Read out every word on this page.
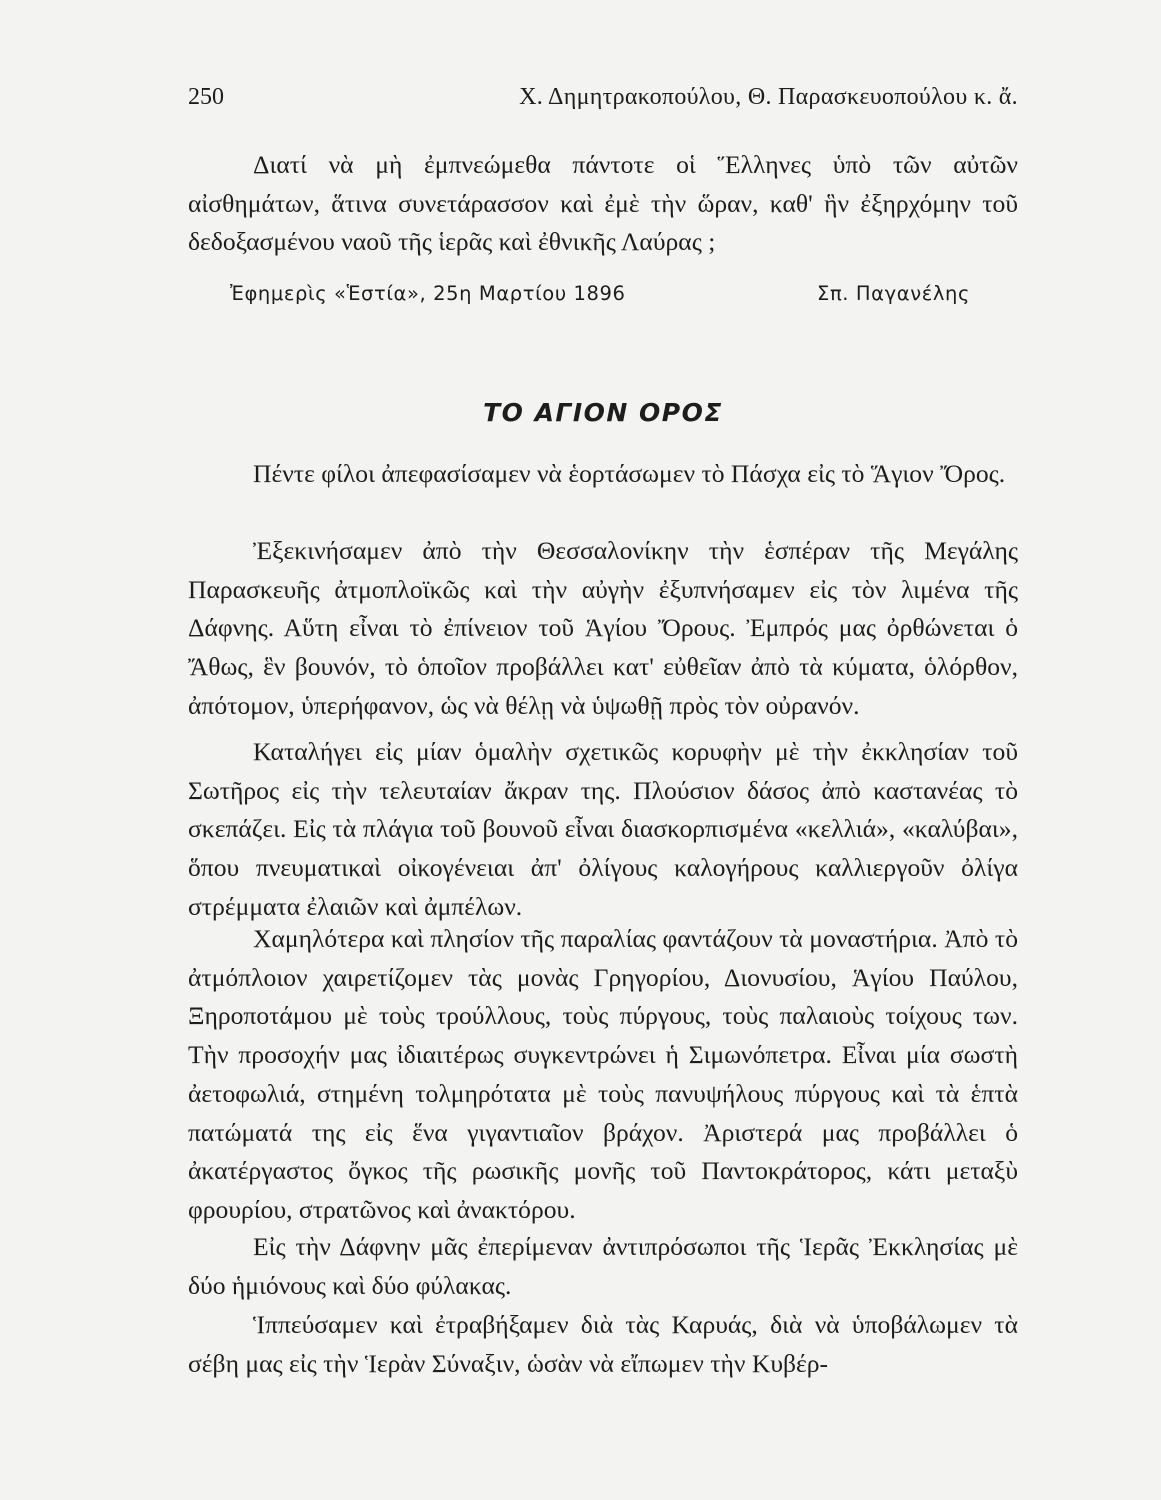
250	Χ. Δημητρακοπούλου, Θ. Παρασκευοπούλου κ. ἄ.

Διατί νὰ μὴ ἐμπνεώμεθα πάντοτε οἱ Ἕλληνες ὑπὸ τῶν αὐτῶν αἰσθημάτων, ἅτινα συνετάρασσον καὶ ἐμὲ τὴν ὥραν, καθ' ἣν ἐξηρχόμην τοῦ δεδοξασμένου ναοῦ τῆς ἱερᾶς καὶ ἐθνικῆς Λαύρας ;

Ἐφημερὶς «Ἑστία», 25η Μαρτίου 1896	Σπ. Παγανέλης
ΤΟ ΑΓΙΟΝ ΟΡΟΣ

Πέντε φίλοι ἀπεφασίσαμεν νὰ ἑορτάσωμεν τὸ Πάσχα εἰς τὸ Ἅγιον Ὄρος.

Ἐξεκινήσαμεν ἀπὸ τὴν Θεσσαλονίκην τὴν ἑσπέραν τῆς Μεγάλης Παρασκευῆς ἀτμοπλοϊκῶς καὶ τὴν αὐγὴν ἐξυπνήσαμεν εἰς τὸν λιμένα τῆς Δάφνης. Αὕτη εἶναι τὸ ἐπίνειον τοῦ Ἁγίου Ὄρους. Ἐμπρός μας ὀρθώνεται ὁ Ἄθως, ἓν βουνόν, τὸ ὁποῖον προβάλλει κατ' εὐθεῖαν ἀπὸ τὰ κύματα, ὁλόρθον, ἀπότομον, ὑπερήφανον, ὡς νὰ θέλῃ νὰ ὑψωθῇ πρὸς τὸν οὐρανόν.

Καταλήγει εἰς μίαν ὁμαλὴν σχετικῶς κορυφὴν μὲ τὴν ἐκκλησίαν τοῦ Σωτῆρος εἰς τὴν τελευταίαν ἄκραν της. Πλούσιον δάσος ἀπὸ καστανέας τὸ σκεπάζει. Εἰς τὰ πλάγια τοῦ βουνοῦ εἶναι διασκορπισμένα «κελλιά», «καλύβαι», ὅπου πνευματικαὶ οἰκογένειαι ἀπ' ὀλίγους καλογήρους καλλιεργοῦν ὀλίγα στρέμματα ἐλαιῶν καὶ ἀμπέλων.

Χαμηλότερα καὶ πλησίον τῆς παραλίας φαντάζουν τὰ μοναστήρια. Ἀπὸ τὸ ἀτμόπλοιον χαιρετίζομεν τὰς μονὰς Γρηγορίου, Διονυσίου, Ἁγίου Παύλου, Ξηροποτάμου μὲ τοὺς τρούλλους, τοὺς πύργους, τοὺς παλαιοὺς τοίχους των. Τὴν προσοχήν μας ἰδιαιτέρως συγκεντρώνει ἡ Σιμωνόπετρα. Εἶναι μία σωστὴ ἀετοφωλιά, στημένη τολμηρότατα μὲ τοὺς πανυψήλους πύργους καὶ τὰ ἑπτὰ πατώματά της εἰς ἕνα γιγαντιαῖον βράχον. Ἀριστερά μας προβάλλει ὁ ἀκατέργαστος ὄγκος τῆς ρωσικῆς μονῆς τοῦ Παντοκράτορος, κάτι μεταξὺ φρουρίου, στρατῶνος καὶ ἀνακτόρου.

Εἰς τὴν Δάφνην μᾶς ἐπερίμεναν ἀντιπρόσωποι τῆς Ἱερᾶς Ἐκκλησίας μὲ δύο ἡμιόνους καὶ δύο φύλακας.

Ἱππεύσαμεν καὶ ἐτραβήξαμεν διὰ τὰς Καρυάς, διὰ νὰ ὑποβάλωμεν τὰ σέβη μας εἰς τὴν Ἱερὰν Σύναξιν, ὡσὰν νὰ εἴπωμεν τὴν Κυβέρ-
